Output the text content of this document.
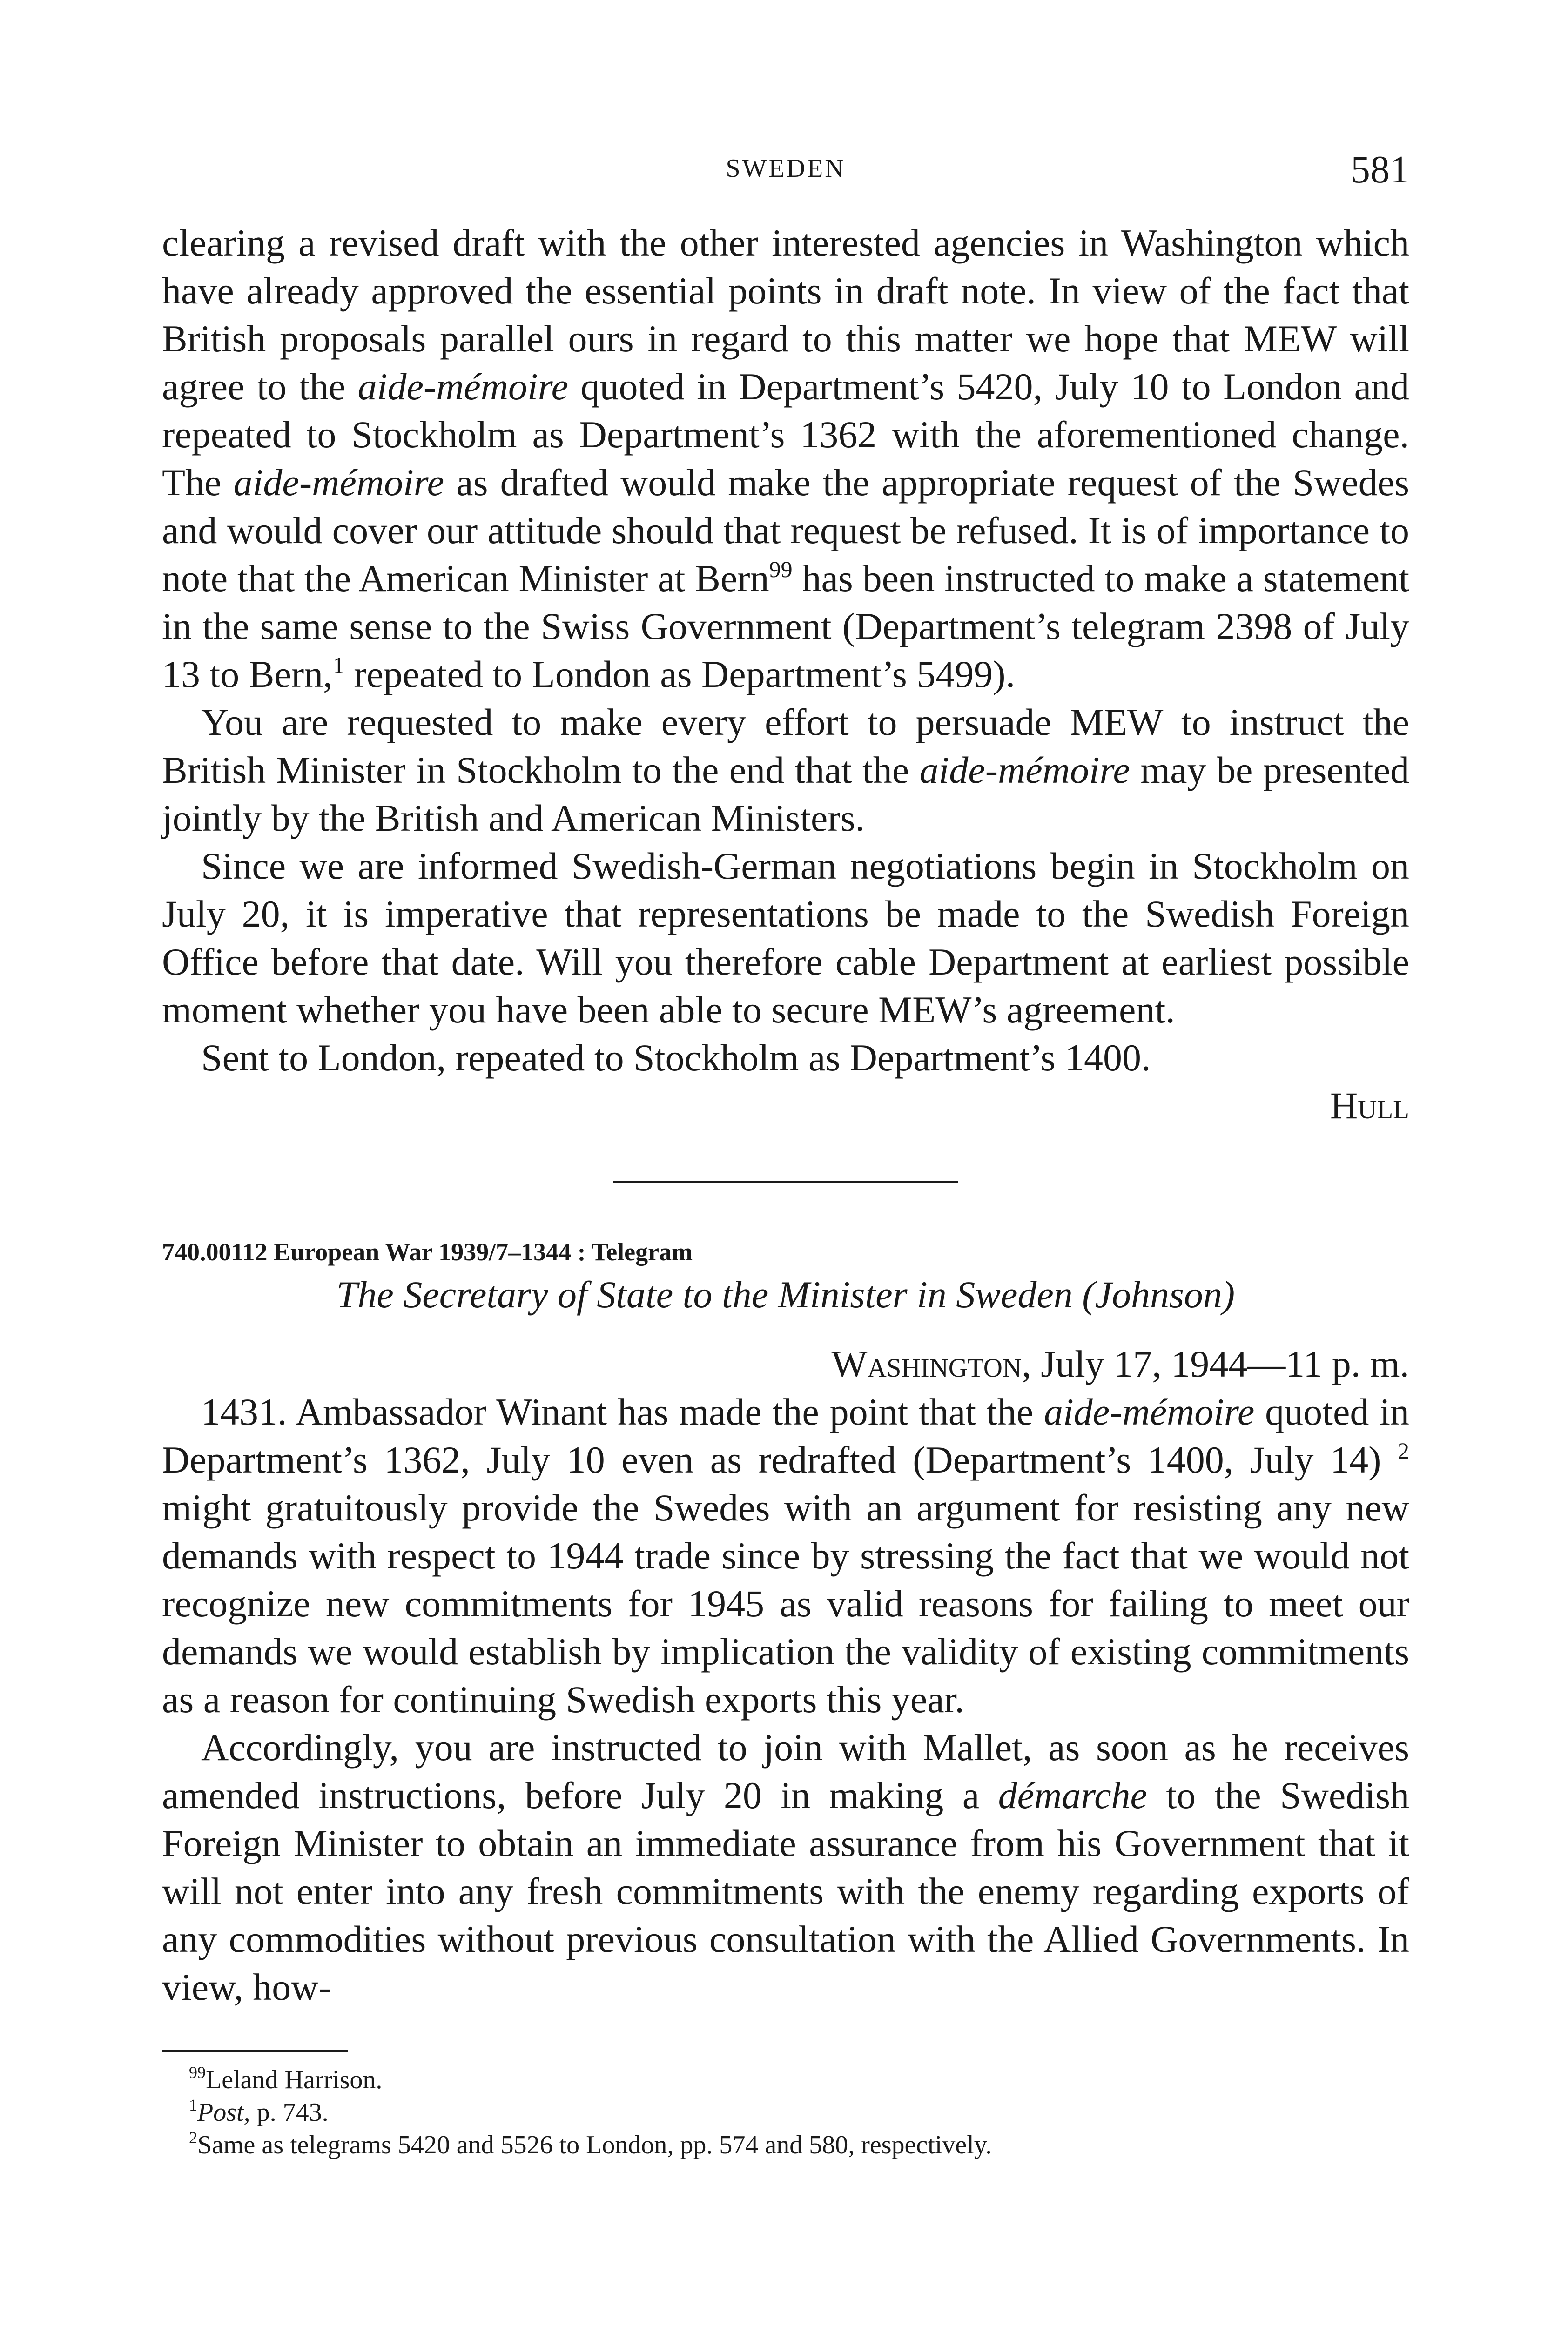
SWEDEN	581

clearing a revised draft with the other interested agencies in Washington which have already approved the essential points in draft note. In view of the fact that British proposals parallel ours in regard to this matter we hope that MEW will agree to the aide-mémoire quoted in Department’s 5420, July 10 to London and repeated to Stockholm as Department’s 1362 with the aforementioned change. The aide-mémoire as drafted would make the appropriate request of the Swedes and would cover our attitude should that request be refused. It is of importance to note that the American Minister at Bern$^{99}$ has been instructed to make a statement in the same sense to the Swiss Government (Department’s telegram 2398 of July 13 to Bern,$^1$ repeated to London as Department’s 5499).

You are requested to make every effort to persuade MEW to instruct the British Minister in Stockholm to the end that the aide-mémoire may be presented jointly by the British and American Ministers.

Since we are informed Swedish-German negotiations begin in Stockholm on July 20, it is imperative that representations be made to the Swedish Foreign Office before that date. Will you therefore cable Department at earliest possible moment whether you have been able to secure MEW’s agreement.

Sent to London, repeated to Stockholm as Department’s 1400.

Hull

740.00112 European War 1939/7–1344 : Telegram

The Secretary of State to the Minister in Sweden (Johnson)

Washington, July 17, 1944—11 p. m.

1431. Ambassador Winant has made the point that the aide-mémoire quoted in Department’s 1362, July 10 even as redrafted (Department’s 1400, July 14) $^2$ might gratuitously provide the Swedes with an argument for resisting any new demands with respect to 1944 trade since by stressing the fact that we would not recognize new commitments for 1945 as valid reasons for failing to meet our demands we would establish by implication the validity of existing commitments as a reason for continuing Swedish exports this year.

Accordingly, you are instructed to join with Mallet, as soon as he receives amended instructions, before July 20 in making a démarche to the Swedish Foreign Minister to obtain an immediate assurance from his Government that it will not enter into any fresh commitments with the enemy regarding exports of any commodities without previous consultation with the Allied Governments. In view, how-

$^{99}$Leland Harrison.

$^1$Post, p. 743.

$^2$Same as telegrams 5420 and 5526 to London, pp. 574 and 580, respectively.
